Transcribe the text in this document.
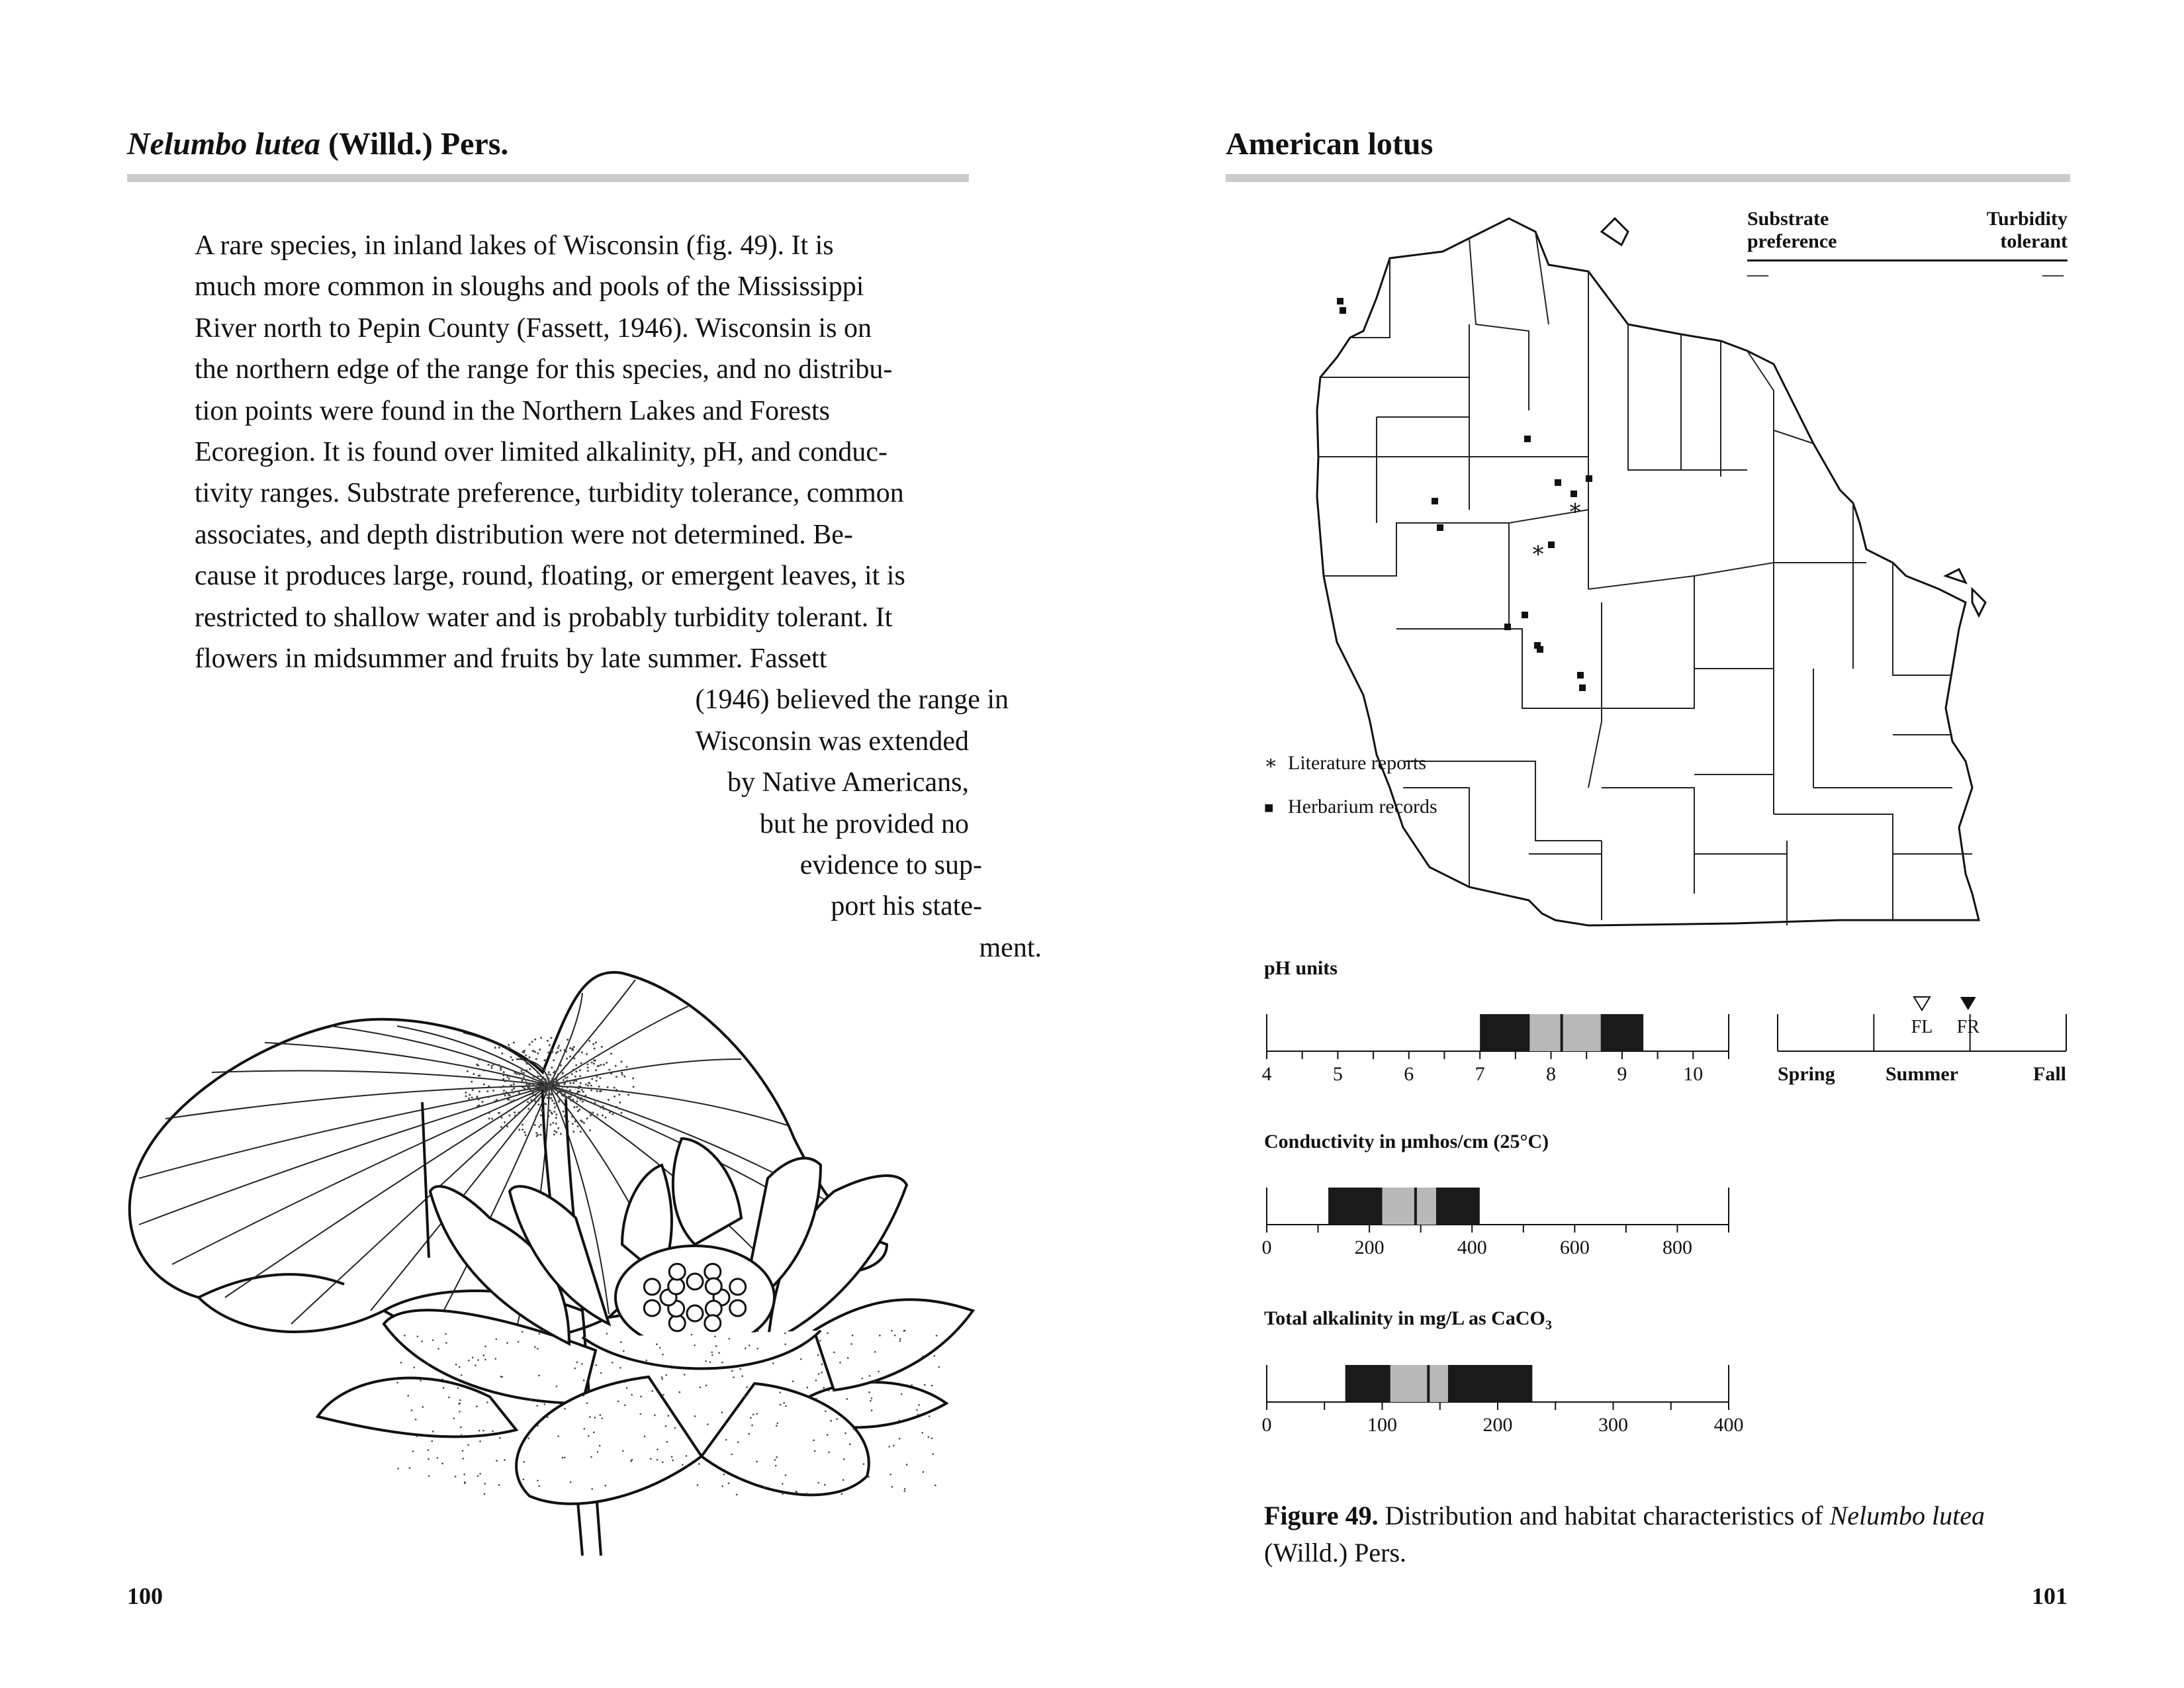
Nelumbo lutea (Willd.) Pers.
A rare species, in inland lakes of Wisconsin (fig. 49). It is
much more common in sloughs and pools of the Mississippi
River north to Pepin County (Fassett, 1946). Wisconsin is on
the northern edge of the range for this species, and no distribu-
tion points were found in the Northern Lakes and Forests
Ecoregion. It is found over limited alkalinity, pH, and conduc-
tivity ranges. Substrate preference, turbidity tolerance, common
associates, and depth distribution were not determined. Be-
cause it produces large, round, floating, or emergent leaves, it is
restricted to shallow water and is probably turbidity tolerant. It
flowers in midsummer and fruits by late summer. Fassett
(1946) believed the range in
Wisconsin was extended
by Native Americans,
but he provided no
evidence to sup-
port his state-
ment.
100
American lotus
Substrate
preference
Turbidity
tolerant
—	—
∗
∗
∗ Literature reports
■ Herbarium records
pH units
4	5	6	7	8	9	10	Spring	Summer	Fall
FL FR
Conductivity in µmhos/cm (25°C)
0	200	400	600	800
Total alkalinity in mg/L as CaCO$_3$
0	100	200	300	400
Figure 49. Distribution and habitat characteristics of Nelumbo lutea
(Willd.) Pers.
101
